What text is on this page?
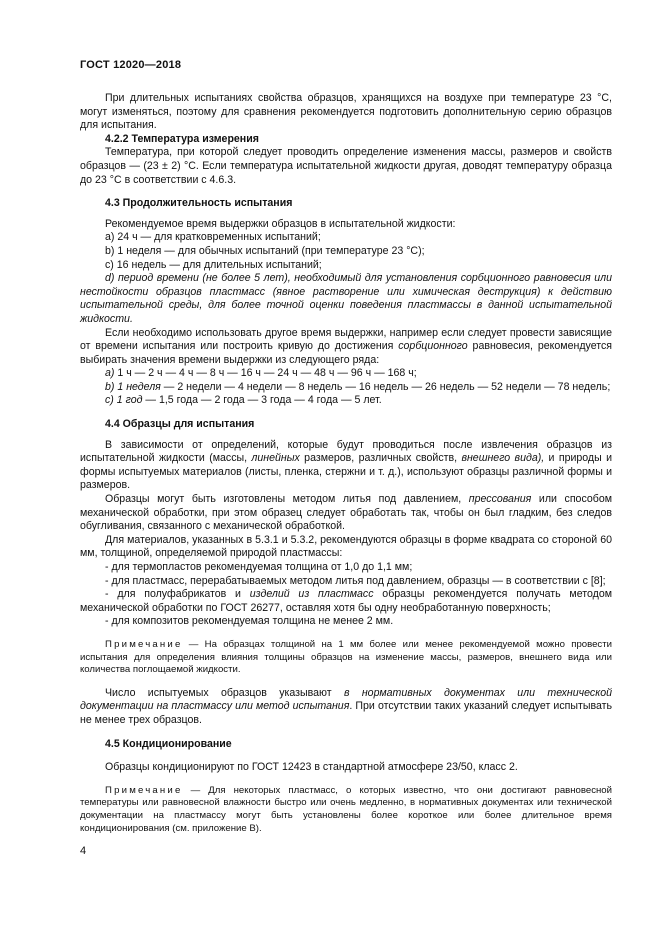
ГОСТ 12020—2018

При длительных испытаниях свойства образцов, хранящихся на воздухе при температуре 23 °С, могут изменяться, поэтому для сравнения рекомендуется подготовить дополнительную серию образцов для испытания.

4.2.2 Температура измерения

Температура, при которой следует проводить определение изменения массы, размеров и свойств образцов — (23 ± 2) °С. Если температура испытательной жидкости другая, доводят температуру образца до 23 °С в соответствии с 4.6.3.

4.3 Продолжительность испытания

Рекомендуемое время выдержки образцов в испытательной жидкости:

а) 24 ч — для кратковременных испытаний;

b) 1 неделя — для обычных испытаний (при температуре 23 °С);

с) 16 недель — для длительных испытаний;

d) период времени (не более 5 лет), необходимый для установления сорбционного равновесия или нестойкости образцов пластмасс (явное растворение или химическая деструкция) к действию испытательной среды, для более точной оценки поведения пластмассы в данной испытательной жидкости.

Если необходимо использовать другое время выдержки, например если следует провести зависящие от времени испытания или построить кривую до достижения сорбционного равновесия, рекомендуется выбирать значения времени выдержки из следующего ряда:

а) 1 ч — 2 ч — 4 ч — 8 ч — 16 ч — 24 ч — 48 ч — 96 ч — 168 ч;

b) 1 неделя — 2 недели — 4 недели — 8 недель — 16 недель — 26 недель — 52 недели — 78 недель;

с) 1 год — 1,5 года — 2 года — 3 года — 4 года — 5 лет.

4.4 Образцы для испытания

В зависимости от определений, которые будут проводиться после извлечения образцов из испытательной жидкости (массы, линейных размеров, различных свойств, внешнего вида), и природы и формы испытуемых материалов (листы, пленка, стержни и т. д.), используют образцы различной формы и размеров.

Образцы могут быть изготовлены методом литья под давлением, прессования или способом механической обработки, при этом образец следует обработать так, чтобы он был гладким, без следов обугливания, связанного с механической обработкой.

Для материалов, указанных в 5.3.1 и 5.3.2, рекомендуются образцы в форме квадрата со стороной 60 мм, толщиной, определяемой природой пластмассы:

- для термопластов рекомендуемая толщина от 1,0 до 1,1 мм;

- для пластмасс, перерабатываемых методом литья под давлением, образцы — в соответствии с [8];

- для полуфабрикатов и изделий из пластмасс образцы рекомендуется получать методом механической обработки по ГОСТ 26277, оставляя хотя бы одну необработанную поверхность;

- для композитов рекомендуемая толщина не менее 2 мм.

Примечание — На образцах толщиной на 1 мм более или менее рекомендуемой можно провести испытания для определения влияния толщины образцов на изменение массы, размеров, внешнего вида или количества поглощаемой жидкости.

Число испытуемых образцов указывают в нормативных документах или технической документации на пластмассу или метод испытания. При отсутствии таких указаний следует испытывать не менее трех образцов.

4.5 Кондиционирование

Образцы кондиционируют по ГОСТ 12423 в стандартной атмосфере 23/50, класс 2.

Примечание — Для некоторых пластмасс, о которых известно, что они достигают равновесной температуры или равновесной влажности быстро или очень медленно, в нормативных документах или технической документации на пластмассу могут быть установлены более короткое или более длительное время кондиционирования (см. приложение В).

4
